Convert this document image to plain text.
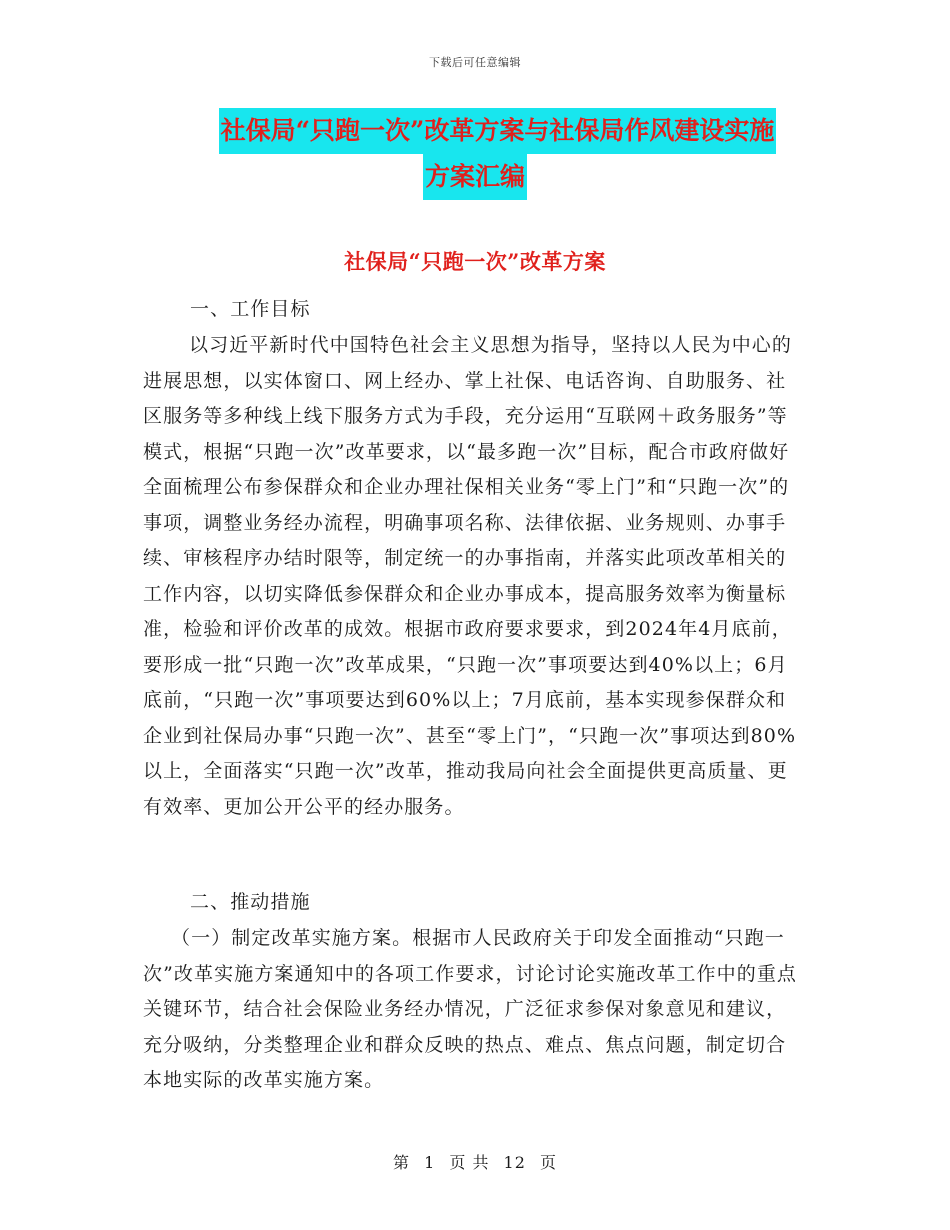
下载后可任意编辑
社保局“只跑一次”改革方案与社保局作风建设实施
方案汇编
社保局“只跑一次”改革方案
一、工作目标
以习近平新时代中国特色社会主义思想为指导，坚持以人民为中心的进展思想，以实体窗口、网上经办、掌上社保、电话咨询、自助服务、社区服务等多种线上线下服务方式为手段，充分运用“互联网＋政务服务”等模式，根据“只跑一次”改革要求，以“最多跑一次”目标，配合市政府做好全面梳理公布参保群众和企业办理社保相关业务“零上门”和“只跑一次”的事项，调整业务经办流程，明确事项名称、法律依据、业务规则、办事手续、审核程序办结时限等，制定统一的办事指南，并落实此项改革相关的工作内容，以切实降低参保群众和企业办事成本，提高服务效率为衡量标准，检验和评价改革的成效。根据市政府要求要求，到2024年4月底前，要形成一批“只跑一次”改革成果，“只跑一次”事项要达到40%以上；6月底前，“只跑一次”事项要达到60%以上；7月底前，基本实现参保群众和企业到社保局办事“只跑一次”、甚至“零上门”，“只跑一次”事项达到80%以上，全面落实“只跑一次”改革，推动我局向社会全面提供更高质量、更有效率、更加公开公平的经办服务。
二、推动措施
（一）制定改革实施方案。根据市人民政府关于印发全面推动“只跑一次”改革实施方案通知中的各项工作要求，讨论讨论实施改革工作中的重点关键环节，结合社会保险业务经办情况，广泛征求参保对象意见和建议，充分吸纳，分类整理企业和群众反映的热点、难点、焦点问题，制定切合本地实际的改革实施方案。
第 1 页 共 12 页
